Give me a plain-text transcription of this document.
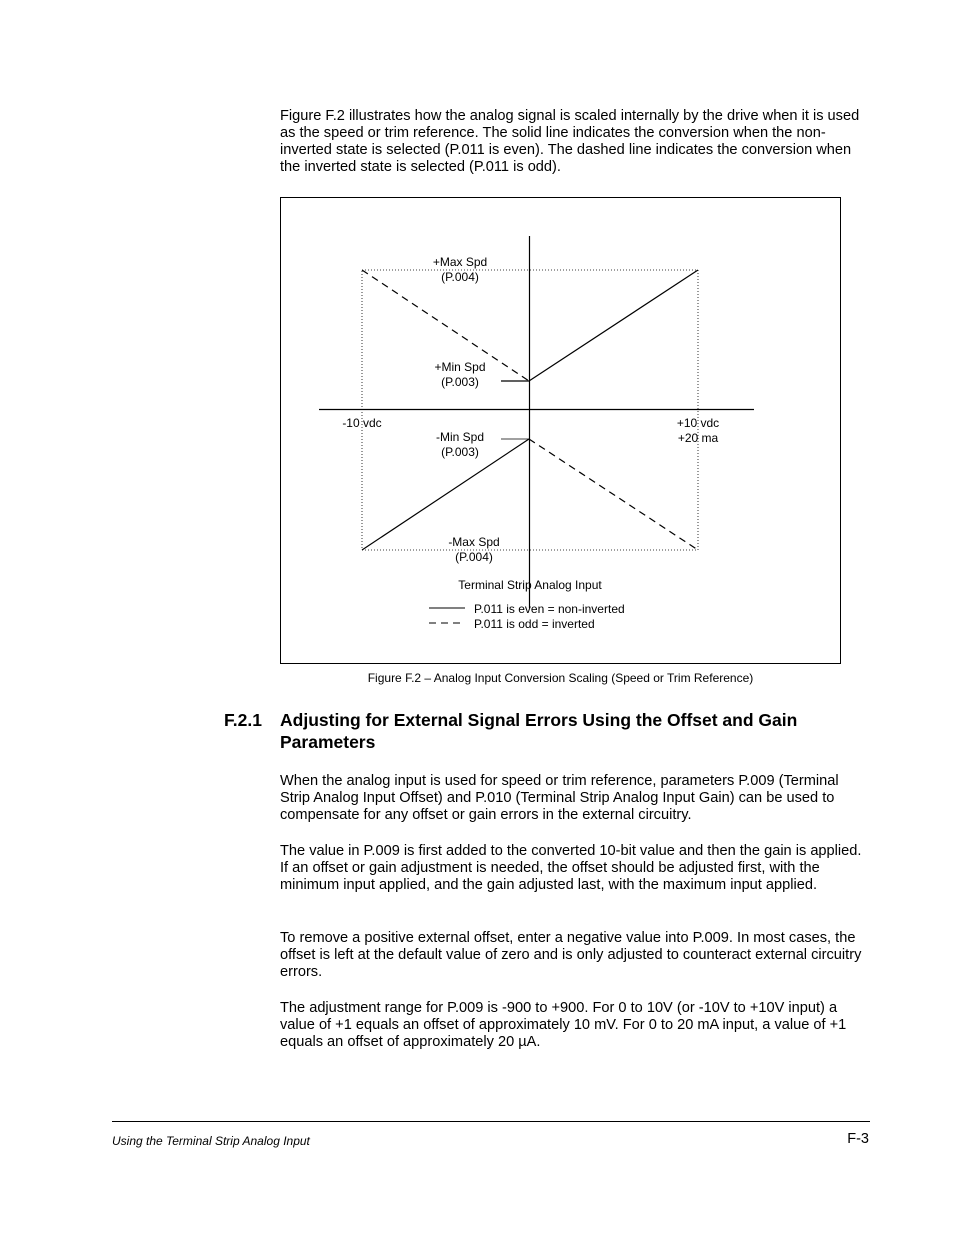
Figure F.2 illustrates how the analog signal is scaled internally by the drive when it is used as the speed or trim reference. The solid line indicates the conversion when the non-inverted state is selected (P.011 is even). The dashed line indicates the conversion when the inverted state is selected (P.011 is odd).

+Max Spd
(P.004)
+Min Spd
(P.003)
-10 vdc	+10 vdc
+20 ma
-Min Spd
(P.003)
-Max Spd
(P.004)
Terminal Strip Analog Input
P.011 is even = non-inverted
P.011 is odd = inverted
Figure F.2 – Analog Input Conversion Scaling (Speed or Trim Reference)
F.2.1 Adjusting for External Signal Errors Using the Offset and Gain Parameters

When the analog input is used for speed or trim reference, parameters P.009 (Terminal Strip Analog Input Offset) and P.010 (Terminal Strip Analog Input Gain) can be used to compensate for any offset or gain errors in the external circuitry.

The value in P.009 is first added to the converted 10-bit value and then the gain is applied. If an offset or gain adjustment is needed, the offset should be adjusted first, with the minimum input applied, and the gain adjusted last, with the maximum input applied.

To remove a positive external offset, enter a negative value into P.009. In most cases, the offset is left at the default value of zero and is only adjusted to counteract external circuitry errors.

The adjustment range for P.009 is -900 to +900. For 0 to 10V (or -10V to +10V input) a value of +1 equals an offset of approximately 10 mV. For 0 to 20 mA input, a value of +1 equals an offset of approximately 20 µA.

Using the Terminal Strip Analog Input	F-3
